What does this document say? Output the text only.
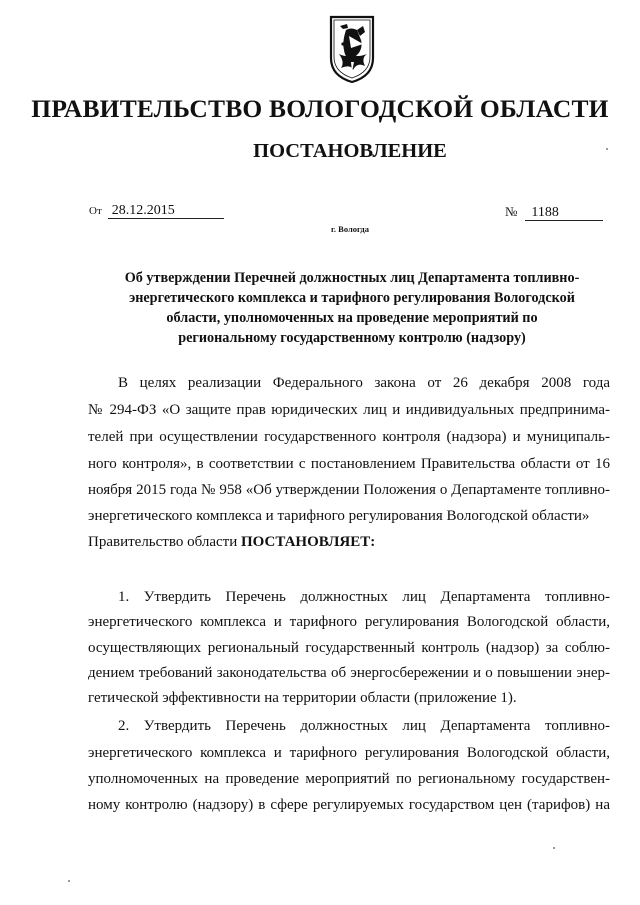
ПРАВИТЕЛЬСТВО ВОЛОГОДСКОЙ ОБЛАСТИ
ПОСТАНОВЛЕНИЕ
От 28.12.2015	№ 1188
г. Вологда
Об утверждении Перечней должностных лиц Департамента топливно-
энергетического комплекса и тарифного регулирования Вологодской
области, уполномоченных на проведение мероприятий по
региональному государственному контролю (надзору)
В целях реализации Федерального закона от 26 декабря 2008 года
№ 294-ФЗ «О защите прав юридических лиц и индивидуальных предпринима-
телей при осуществлении государственного контроля (надзора) и муниципаль-
ного контроля», в соответствии с постановлением Правительства области от 16
ноября 2015 года № 958 «Об утверждении Положения о Департаменте топливно-
энергетического комплекса и тарифного регулирования Вологодской области»
Правительство области ПОСТАНОВЛЯЕТ:
1. Утвердить Перечень должностных лиц Департамента топливно-
энергетического комплекса и тарифного регулирования Вологодской области,
осуществляющих региональный государственный контроль (надзор) за соблю-
дением требований законодательства об энергосбережении и о повышении энер-
гетической эффективности на территории области (приложение 1).
2. Утвердить Перечень должностных лиц Департамента топливно-
энергетического комплекса и тарифного регулирования Вологодской области,
уполномоченных на проведение мероприятий по региональному государствен-
ному контролю (надзору) в сфере регулируемых государством цен (тарифов) на
